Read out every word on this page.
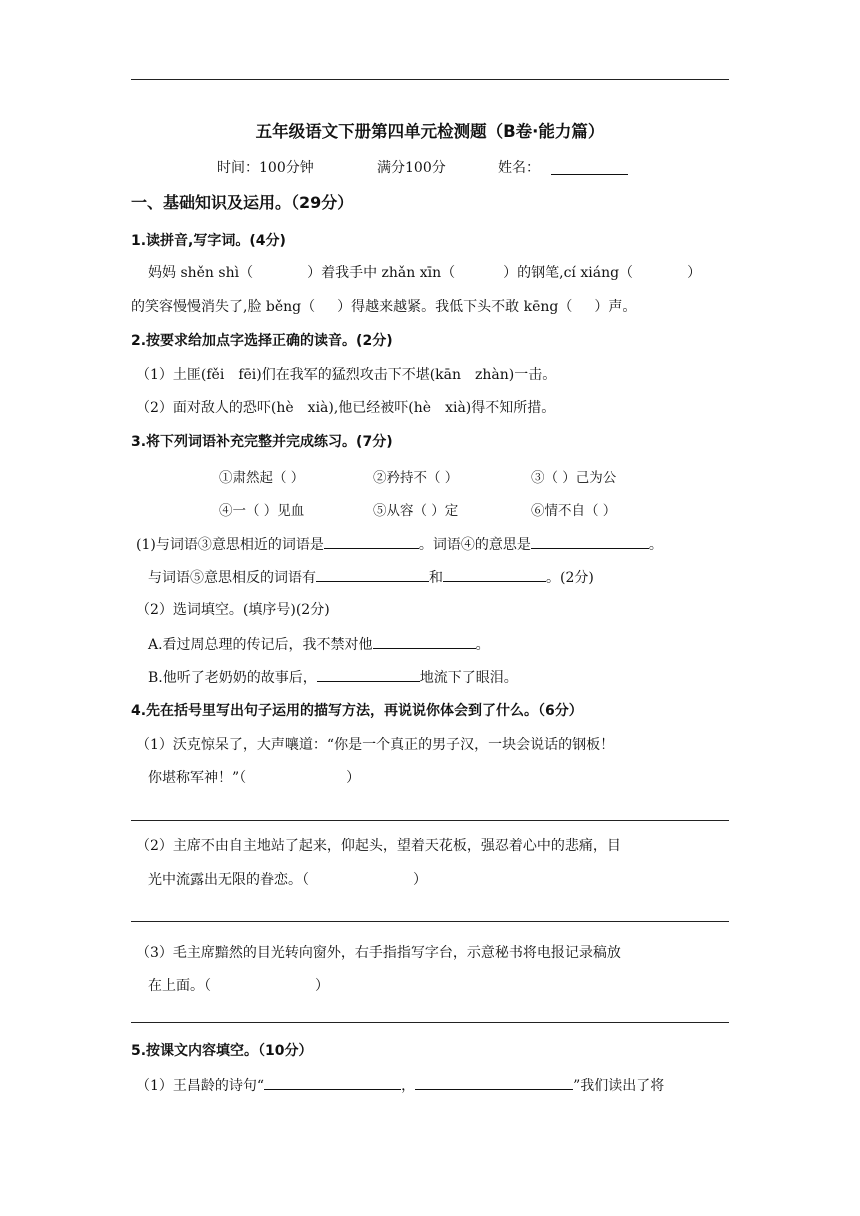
五年级语文下册第四单元检测题（B卷·能力篇）
时间：100分钟	满分100分	姓名：
一、基础知识及运用。（29分）
1.读拼音,写字词。(4分)
妈妈 shěn shì（	）着我手中 zhǎn xīn（	）的钢笔,cí xiáng（	）
的笑容慢慢消失了,脸 běng（ ）得越来越紧。我低下头不敢 kēng（ ）声。
2.按要求给加点字选择正确的读音。(2分)
（1）土匪(fěi　fēi)们在我军的猛烈攻击下不堪(kān　zhàn)一击。
（2）面对敌人的恐吓(hè　xià),他已经被吓(hè　xià)得不知所措。
3.将下列词语补充完整并完成练习。(7分)
①肃然起（ ）	②矜持不（ ）	③（ ）己为公
④一（ ）见血	⑤从容（ ）定	⑥情不自（ ）
(1)与词语③意思相近的词语是	。词语④的意思是	。
与词语⑤意思相反的词语有	和	。(2分)
（2）选词填空。(填序号)(2分)
A.看过周总理的传记后，我不禁对他	。
B.他听了老奶奶的故事后，	地流下了眼泪。
4.先在括号里写出句子运用的描写方法，再说说你体会到了什么。（6分）
（1）沃克惊呆了，大声嚷道：“你是一个真正的男子汉，一块会说话的钢板！
你堪称军神！”（	）
（2）主席不由自主地站了起来，仰起头，望着天花板，强忍着心中的悲痛，目
光中流露出无限的眷恋。（	）
（3）毛主席黯然的目光转向窗外，右手指指写字台，示意秘书将电报记录稿放
在上面。（	）
5.按课文内容填空。（10分）
（1）王昌龄的诗句“	，	”我们读出了将
